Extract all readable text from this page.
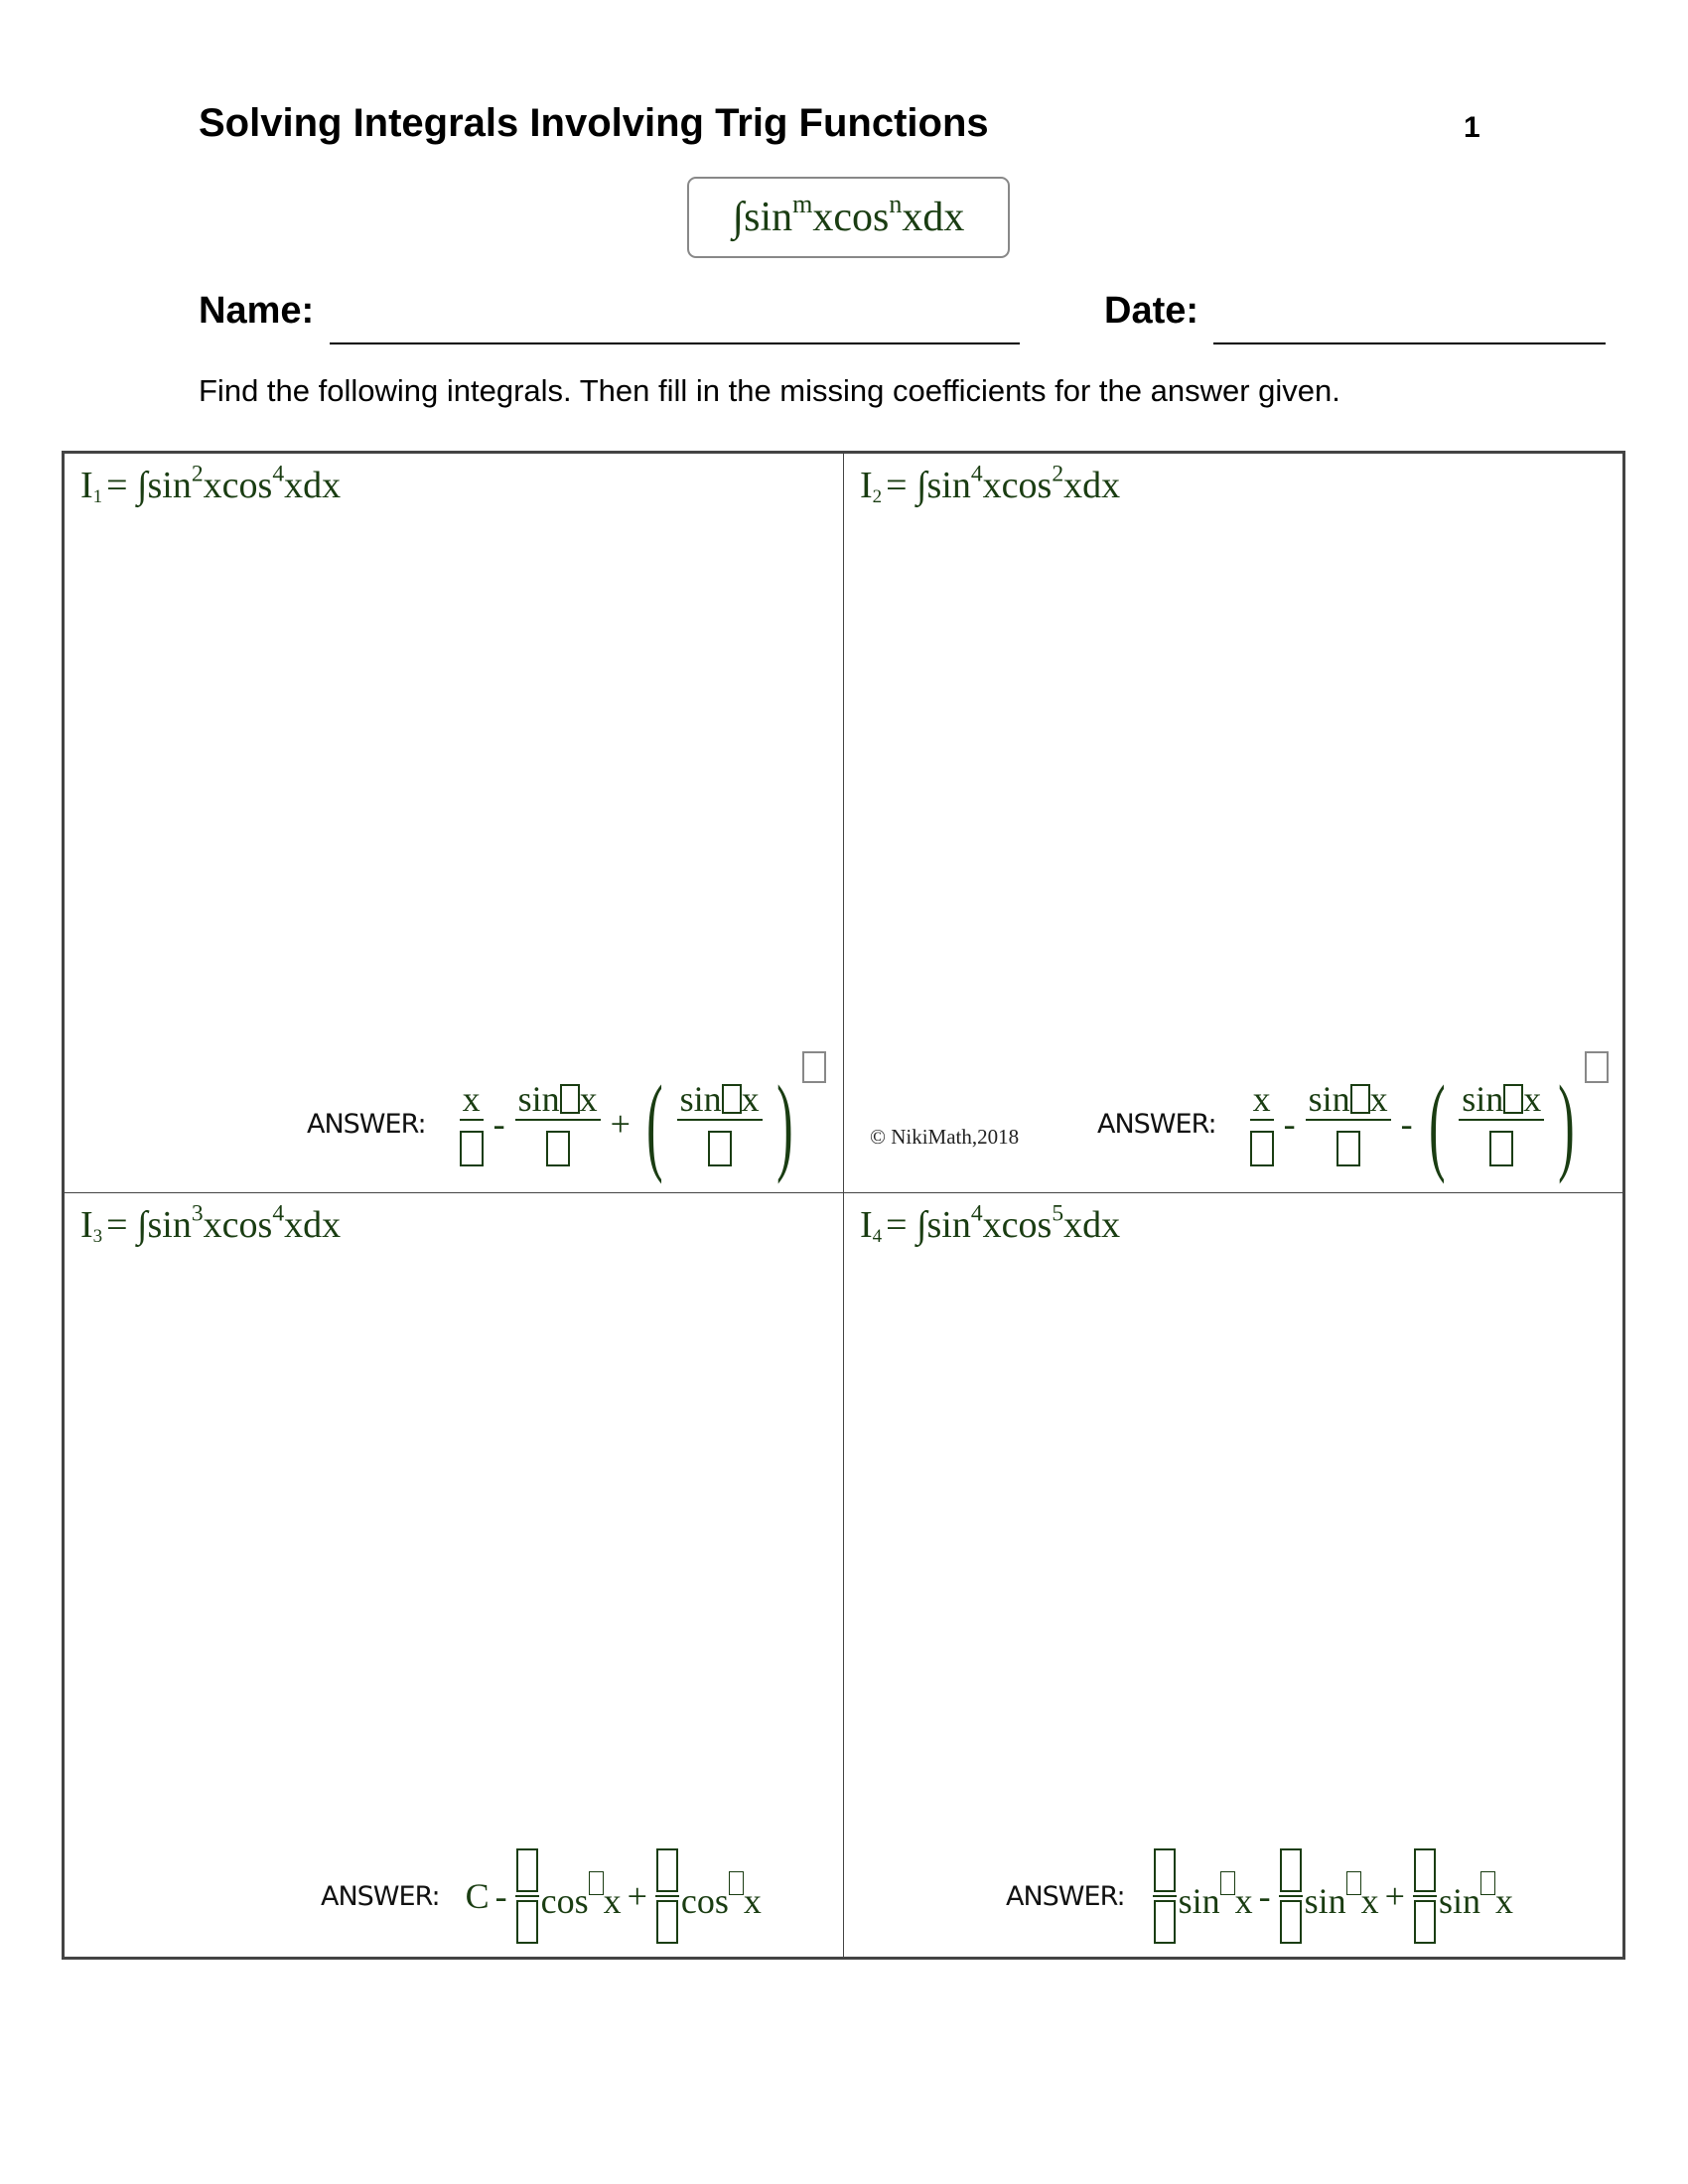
Solving Integrals Involving Trig Functions	1
$\int\sin^mxcos^nxdx$
Name:	Date:
Find the following integrals. Then fill in the missing coefficients for the answer given.
$I_1 = \int\sin^2xcos^4xdx$
ANSWER:
x
-
sin x
+ ( sin x )
$I_2 = \int\sin^4xcos^2xdx$
© NikiMath,2018	ANSWER:
x
-
sin x
- ( sin x )
$I_3 = \int\sin^3xcos^4xdx$
ANSWER: C - cos x + cos x
$I_4 = \int\sin^4xcos^5xdx$
ANSWER: sin x - sin x + sin x
